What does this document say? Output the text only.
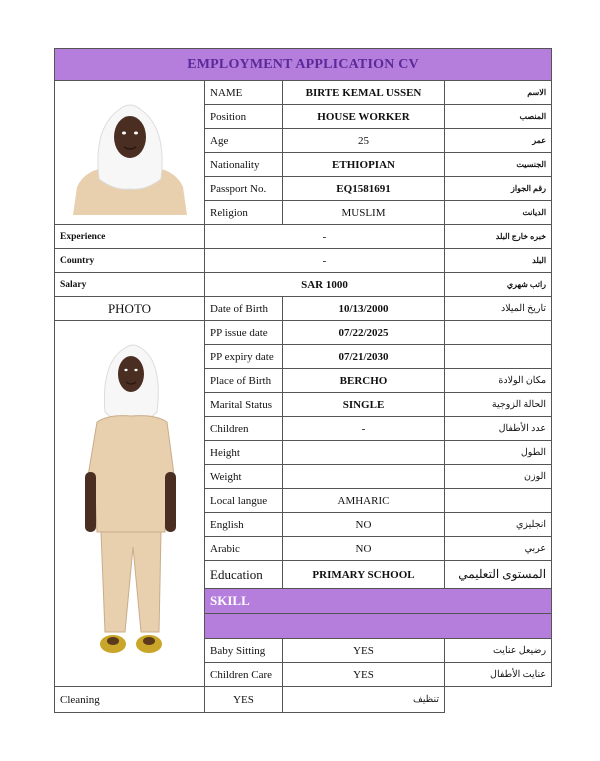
EMPLOYMENT APPLICATION CV			
	NAME	BIRTE KEMAL USSEN	الاسم
	Position	HOUSE WORKER	المنصب
	Age	25	عمر
	Nationality	ETHIOPIAN	الجنسيت
	Passport No.	EQ1581691	رقم الجواز
	Religion	MUSLIM	الديانت
Experience	-		خبره خارج البلد
Country	-		البلد
Salary	SAR 1000		راتب شهري
PHOTO	Date of Birth	10/13/2000	تاريخ الميلاد
	PP issue date	07/22/2025	
	PP expiry date	07/21/2030	
	Place of Birth	BERCHO	مكان الولادة
	Marital Status	SINGLE	الحالة الزوجية
	Children	-	عدد الأطفال
	Height		الطول
	Weight		الوزن
	Local langue	AMHARIC	
	English	NO	انجليزي
	Arabic	NO	عربي
	Education	PRIMARY SCHOOL	المستوى التعليمي
	SKILL		

	Baby Sitting	YES	رضيعل عنايت
	Children Care	YES	عنايت الأطفال
Cleaning	YES	تنظيف	
